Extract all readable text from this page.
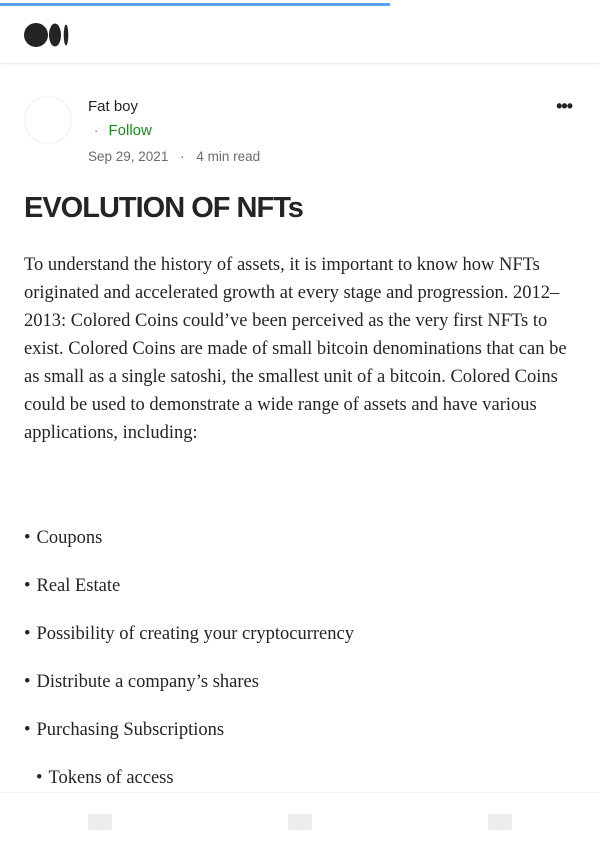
Fat boy
· Follow
Sep 29, 2021 · 4 min read
•••
EVOLUTION OF NFTs

To understand the history of assets, it is important to know how NFTs originated and accelerated growth at every stage and progression. 2012–2013: Colored Coins could’ve been perceived as the very first NFTs to exist. Colored Coins are made of small bitcoin denominations that can be as small as a single satoshi, the smallest unit of a bitcoin. Colored Coins could be used to demonstrate a wide range of assets and have various applications, including:

• Coupons
• Real Estate
• Possibility of creating your cryptocurrency
• Distribute a company’s shares
• Purchasing Subscriptions
• Tokens of access
